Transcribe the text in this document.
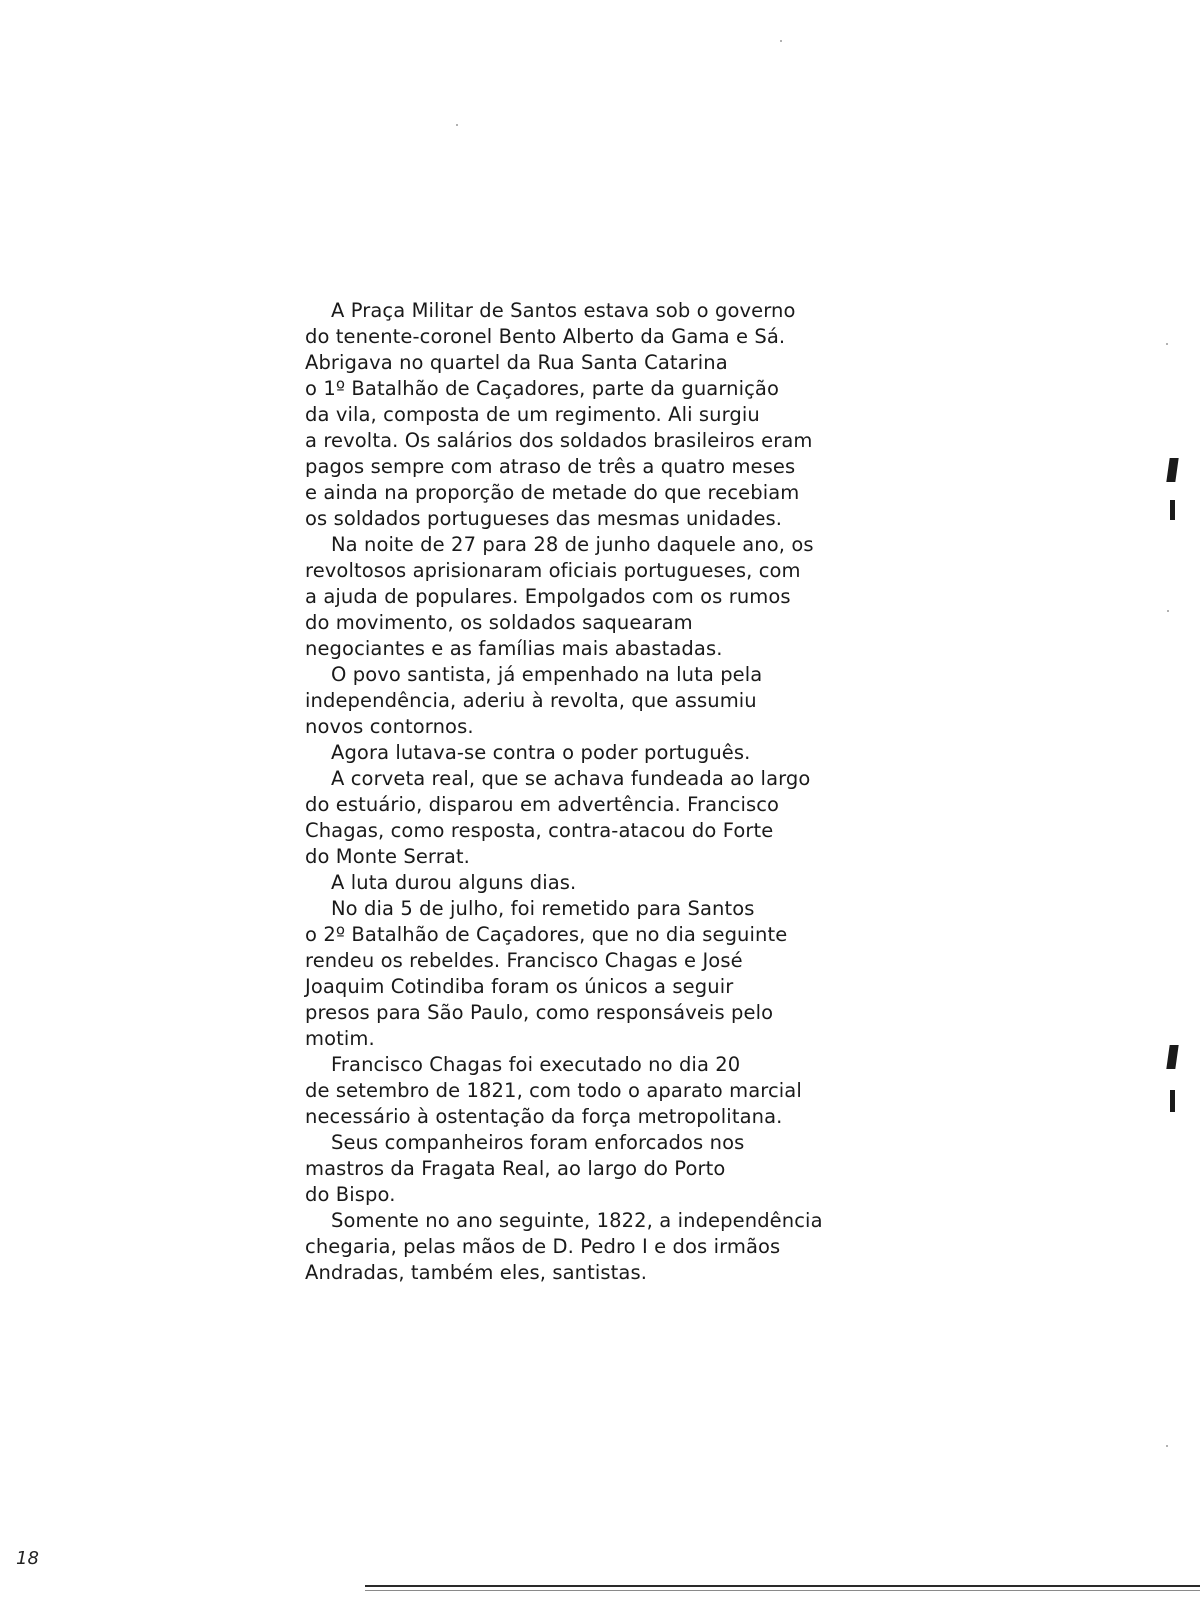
A Praça Militar de Santos estava sob o governo
do tenente-coronel Bento Alberto da Gama e Sá.
Abrigava no quartel da Rua Santa Catarina
o 1º Batalhão de Caçadores, parte da guarnição
da vila, composta de um regimento. Ali surgiu
a revolta. Os salários dos soldados brasileiros eram
pagos sempre com atraso de três a quatro meses
e ainda na proporção de metade do que recebiam
os soldados portugueses das mesmas unidades.
Na noite de 27 para 28 de junho daquele ano, os
revoltosos aprisionaram oficiais portugueses, com
a ajuda de populares. Empolgados com os rumos
do movimento, os soldados saquearam
negociantes e as famílias mais abastadas.
O povo santista, já empenhado na luta pela
independência, aderiu à revolta, que assumiu
novos contornos.
Agora lutava-se contra o poder português.
A corveta real, que se achava fundeada ao largo
do estuário, disparou em advertência. Francisco
Chagas, como resposta, contra-atacou do Forte
do Monte Serrat.
A luta durou alguns dias.
No dia 5 de julho, foi remetido para Santos
o 2º Batalhão de Caçadores, que no dia seguinte
rendeu os rebeldes. Francisco Chagas e José
Joaquim Cotindiba foram os únicos a seguir
presos para São Paulo, como responsáveis pelo
motim.
Francisco Chagas foi executado no dia 20
de setembro de 1821, com todo o aparato marcial
necessário à ostentação da força metropolitana.
Seus companheiros foram enforcados nos
mastros da Fragata Real, ao largo do Porto
do Bispo.
Somente no ano seguinte, 1822, a independência
chegaria, pelas mãos de D. Pedro I e dos irmãos
Andradas, também eles, santistas.
18
